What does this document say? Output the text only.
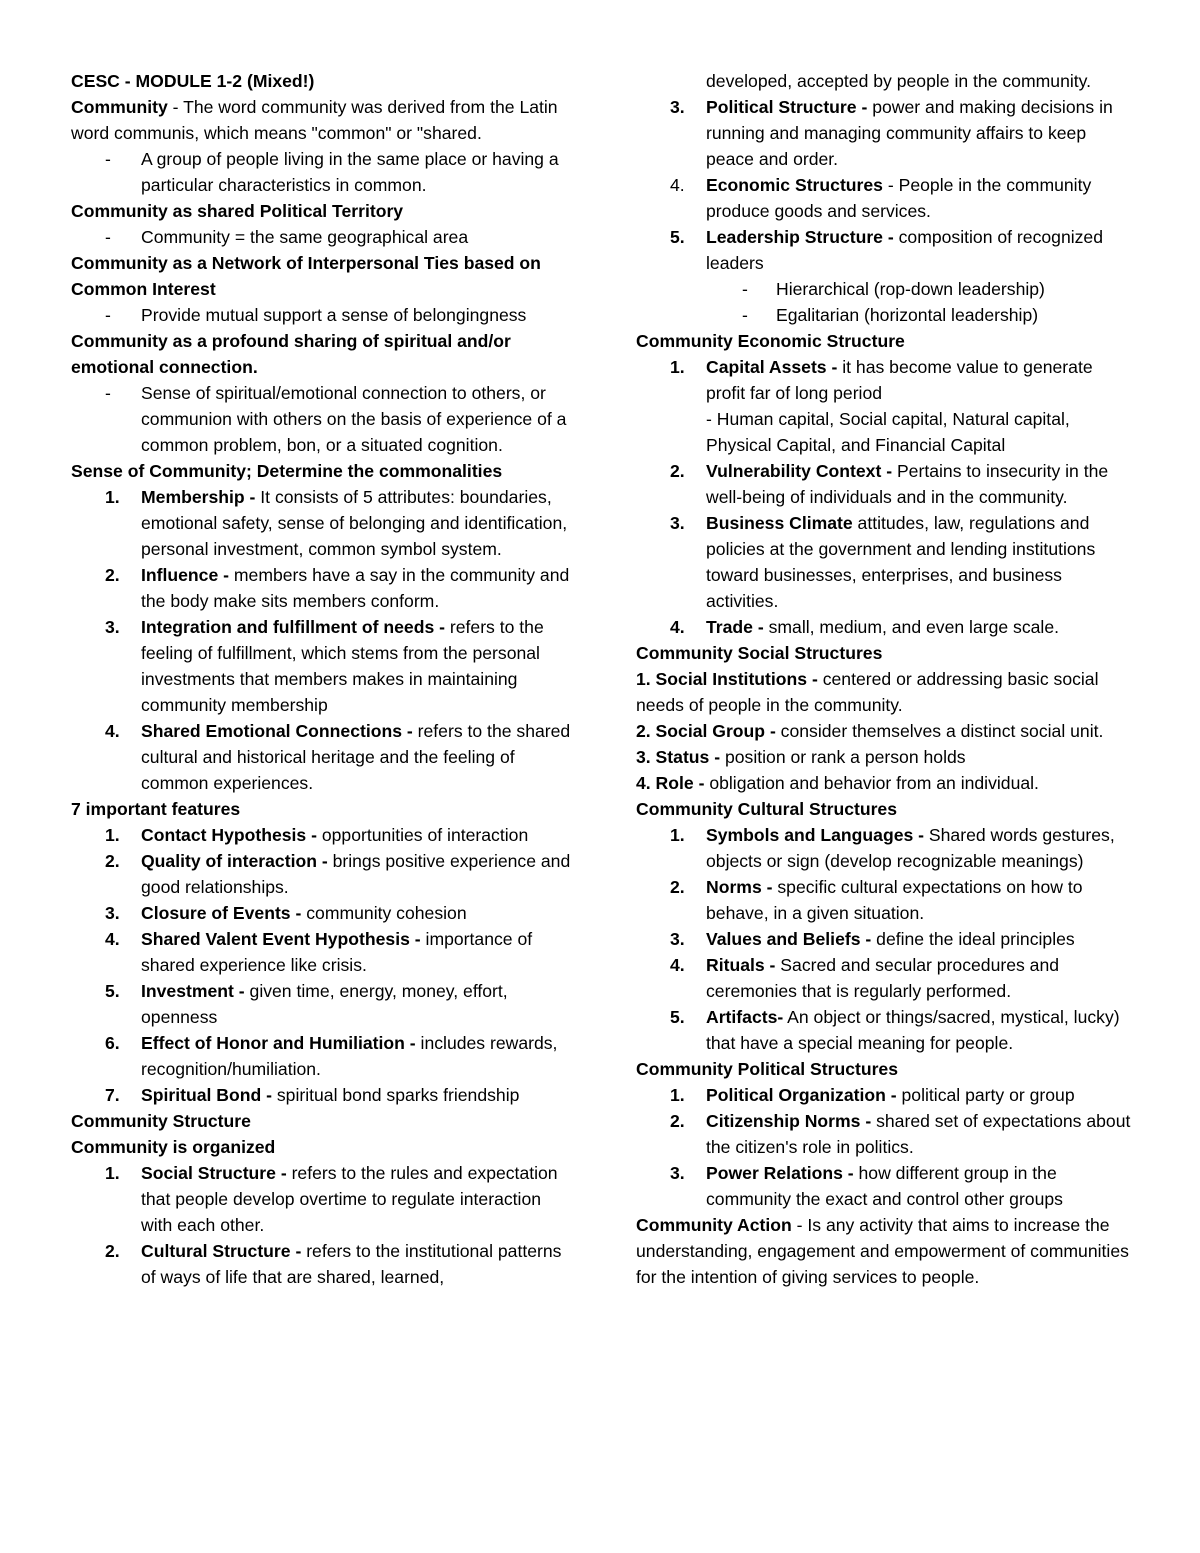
CESC - MODULE 1-2 (Mixed!)
Community - The word community was derived from the Latin word communis, which means "common" or "shared.
- A group of people living in the same place or having a particular characteristics in common.
Community as shared Political Territory
- Community = the same geographical area
Community as a Network of Interpersonal Ties based on Common Interest
- Provide mutual support a sense of belongingness
Community as a profound sharing of spiritual and/or emotional connection.
- Sense of spiritual/emotional connection to others, or communion with others on the basis of experience of a common problem, bon, or a situated cognition.
Sense of Community; Determine the commonalities
1. Membership - It consists of 5 attributes: boundaries, emotional safety, sense of belonging and identification, personal investment, common symbol system.
2. Influence - members have a say in the community and the body make sits members conform.
3. Integration and fulfillment of needs - refers to the feeling of fulfillment, which stems from the personal investments that members makes in maintaining community membership
4. Shared Emotional Connections - refers to the shared cultural and historical heritage and the feeling of common experiences.
7 important features
1. Contact Hypothesis - opportunities of interaction
2. Quality of interaction - brings positive experience and good relationships.
3. Closure of Events - community cohesion
4. Shared Valent Event Hypothesis - importance of shared experience like crisis.
5. Investment - given time, energy, money, effort, openness
6. Effect of Honor and Humiliation - includes rewards, recognition/humiliation.
7. Spiritual Bond - spiritual bond sparks friendship
Community Structure
Community is organized
1. Social Structure - refers to the rules and expectation that people develop overtime to regulate interaction with each other.
2. Cultural Structure - refers to the institutional patterns of ways of life that are shared, learned,
developed, accepted by people in the community.
3. Political Structure - power and making decisions in running and managing community affairs to keep peace and order.
4. Economic Structures - People in the community produce goods and services.
5. Leadership Structure - composition of recognized leaders
- Hierarchical (rop-down leadership)
- Egalitarian (horizontal leadership)
Community Economic Structure
1. Capital Assets - it has become value to generate profit far of long period
- Human capital, Social capital, Natural capital, Physical Capital, and Financial Capital
2. Vulnerability Context - Pertains to insecurity in the well-being of individuals and in the community.
3. Business Climate attitudes, law, regulations and policies at the government and lending institutions toward businesses, enterprises, and business activities.
4. Trade - small, medium, and even large scale.
Community Social Structures
1. Social Institutions - centered or addressing basic social needs of people in the community.
2. Social Group - consider themselves a distinct social unit.
3. Status - position or rank a person holds
4. Role - obligation and behavior from an individual.
Community Cultural Structures
1. Symbols and Languages - Shared words gestures, objects or sign (develop recognizable meanings)
2. Norms - specific cultural expectations on how to behave, in a given situation.
3. Values and Beliefs - define the ideal principles
4. Rituals - Sacred and secular procedures and ceremonies that is regularly performed.
5. Artifacts- An object or things/sacred, mystical, lucky) that have a special meaning for people.
Community Political Structures
1. Political Organization - political party or group
2. Citizenship Norms - shared set of expectations about the citizen's role in politics.
3. Power Relations - how different group in the community the exact and control other groups
Community Action - Is any activity that aims to increase the understanding, engagement and empowerment of communities for the intention of giving services to people.
